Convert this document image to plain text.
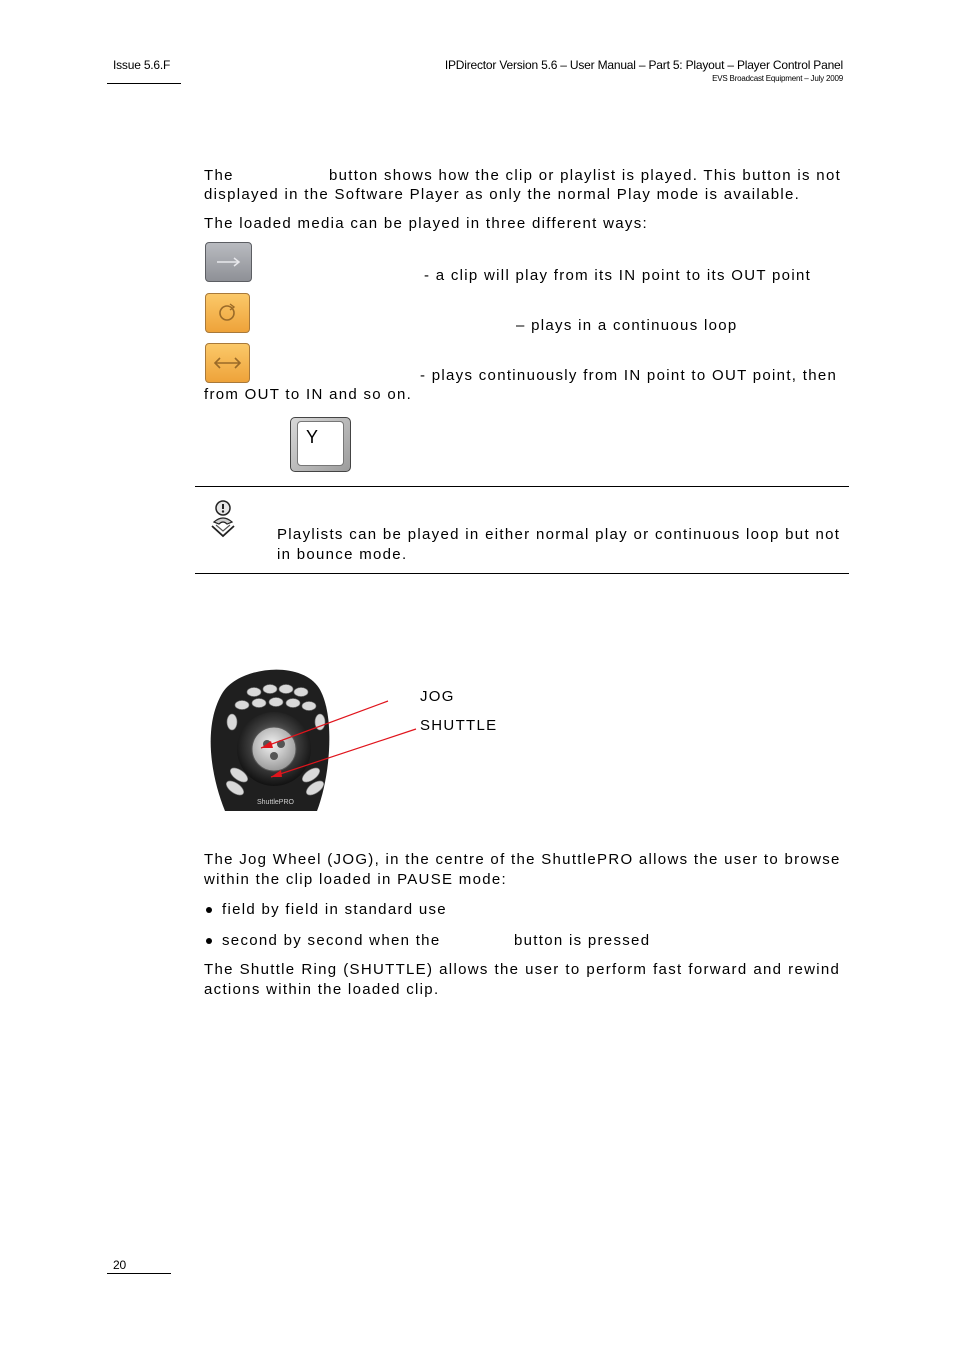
Issue 5.6.F	IPDirector Version 5.6 – User Manual – Part 5: Playout – Player Control Panel
EVS Broadcast Equipment – July 2009
The	button shows how the clip or playlist is played. This button is not
displayed in the Software Player as only the normal Play mode is available.
The loaded media can be played in three different ways:
- a clip will play from its IN point to its OUT point
– plays in a continuous loop
- plays continuously from IN point to OUT point, then
from OUT to IN and so on.
Y
Playlists can be played in either normal play or continuous loop but not
in bounce mode.
ShuttlePRO
JOG
SHUTTLE
The Jog Wheel (JOG), in the centre of the ShuttlePRO allows the user to browse
within the clip loaded in PAUSE mode:
field by field in standard use
second by second when the	button is pressed
The Shuttle Ring (SHUTTLE) allows the user to perform fast forward and rewind
actions within the loaded clip.
20
